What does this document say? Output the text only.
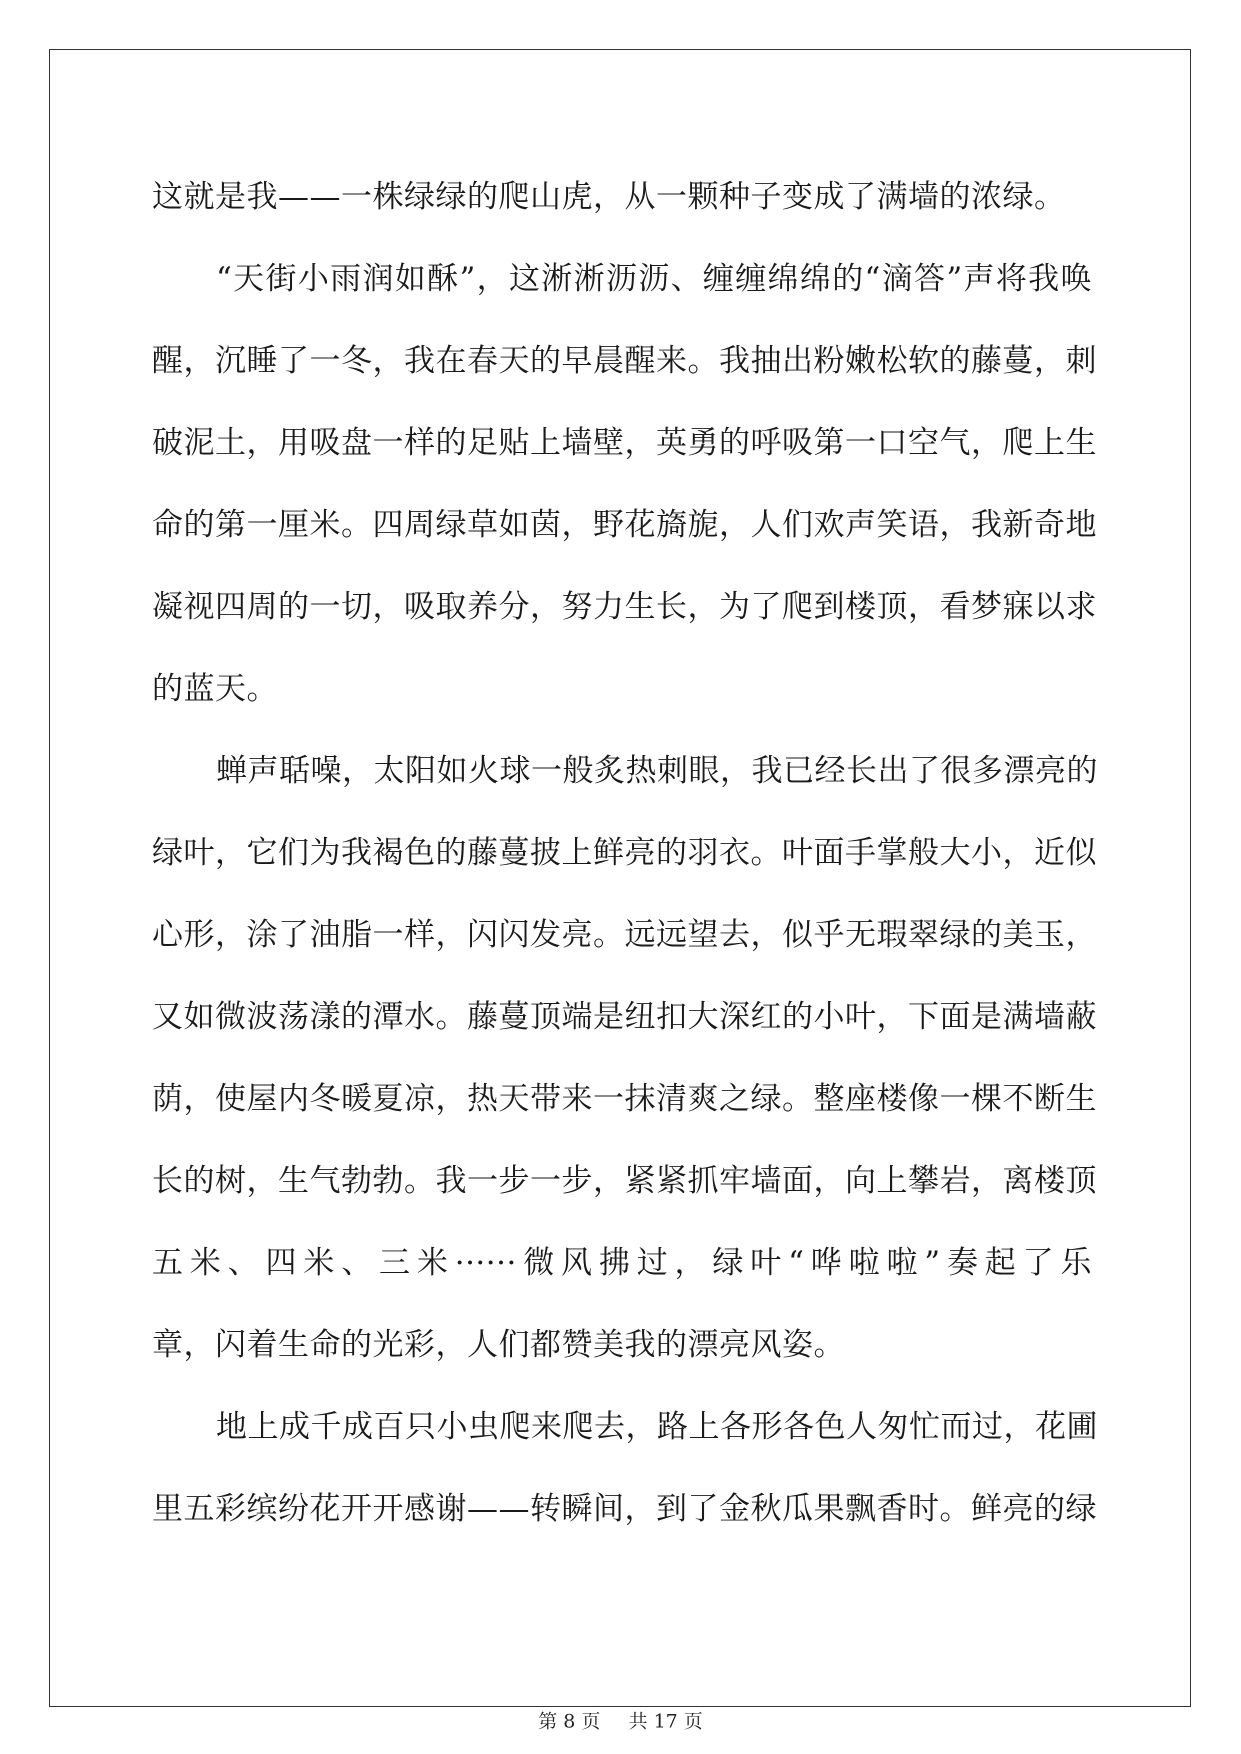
这就是我——一株绿绿的爬山虎，从一颗种子变成了满墙的浓绿。
“天街小雨润如酥”，这淅淅沥沥、缠缠绵绵的“滴答”声将我唤
醒，沉睡了一冬，我在春天的早晨醒来。我抽出粉嫩松软的藤蔓，刺
破泥土，用吸盘一样的足贴上墙壁，英勇的呼吸第一口空气，爬上生
命的第一厘米。四周绿草如茵，野花旖旎，人们欢声笑语，我新奇地
凝视四周的一切，吸取养分，努力生长，为了爬到楼顶，看梦寐以求
的蓝天。
蝉声聒噪，太阳如火球一般炙热刺眼，我已经长出了很多漂亮的
绿叶，它们为我褐色的藤蔓披上鲜亮的羽衣。叶面手掌般大小，近似
心形，涂了油脂一样，闪闪发亮。远远望去，似乎无瑕翠绿的美玉，
又如微波荡漾的潭水。藤蔓顶端是纽扣大深红的小叶，下面是满墙蔽
荫，使屋内冬暖夏凉，热天带来一抹清爽之绿。整座楼像一棵不断生
长的树，生气勃勃。我一步一步，紧紧抓牢墙面，向上攀岩，离楼顶
五米、四米、三米······微风拂过，绿叶“哗啦啦”奏起了乐
章，闪着生命的光彩，人们都赞美我的漂亮风姿。
地上成千成百只小虫爬来爬去，路上各形各色人匆忙而过，花圃
里五彩缤纷花开开感谢——转瞬间，到了金秋瓜果飘香时。鲜亮的绿
第 8 页 共 17 页
